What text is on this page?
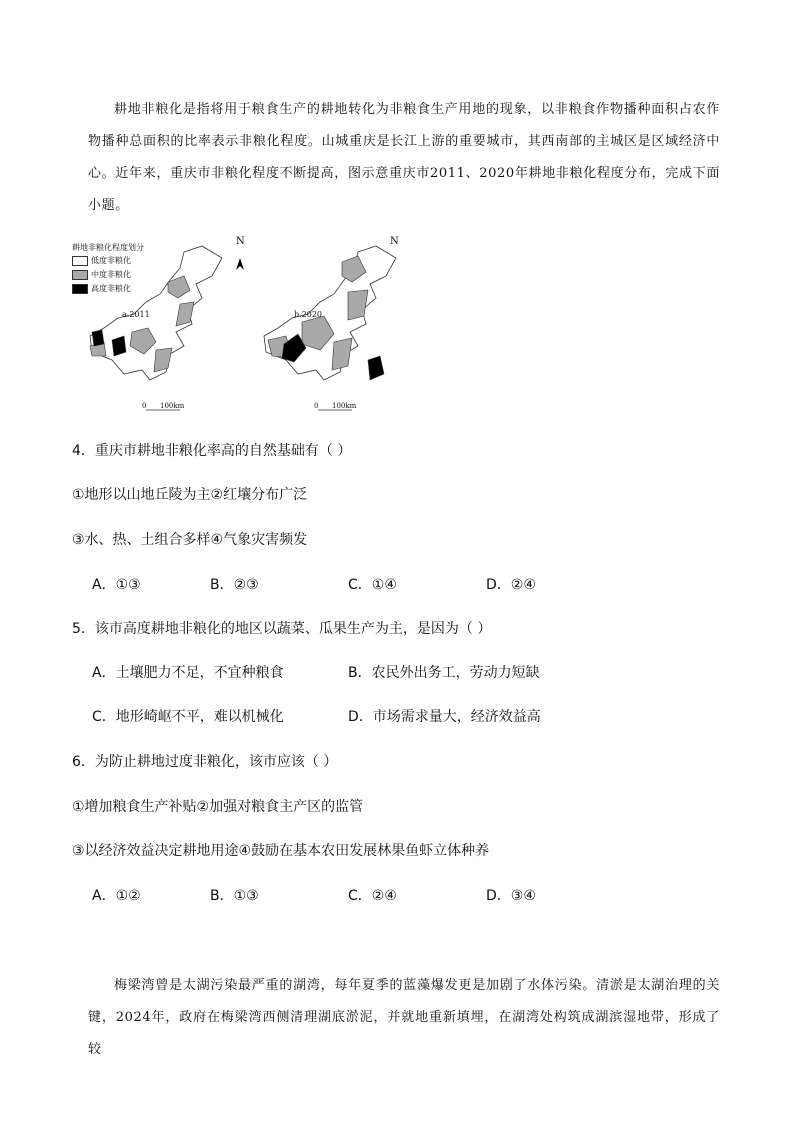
耕地非粮化是指将用于粮食生产的耕地转化为非粮食生产用地的现象，以非粮食作物播种面积占农作物播种总面积的比率表示非粮化程度。山城重庆是长江上游的重要城市，其西南部的主城区是区域经济中心。近年来，重庆市非粮化程度不断提高，图示意重庆市2011、2020年耕地非粮化程度分布，完成下面小题。

耕地非粮化程度划分
低度非粮化
中度非粮化
高度非粮化
a.2011	b.2020
N	N
0 100km	0 100km

4．重庆市耕地非粮化率高的自然基础有（ ）

①地形以山地丘陵为主②红壤分布广泛

③水、热、土组合多样④气象灾害频发

A．①③	B．②③	C．①④	D．②④

5．该市高度耕地非粮化的地区以蔬菜、瓜果生产为主，是因为（ ）

A．土壤肥力不足，不宜种粮食	B．农民外出务工，劳动力短缺

C．地形崎岖不平，难以机械化	D．市场需求量大，经济效益高

6．为防止耕地过度非粮化，该市应该（ ）

①增加粮食生产补贴②加强对粮食主产区的监管

③以经济效益决定耕地用途④鼓励在基本农田发展林果鱼虾立体种养

A．①②	B．①③	C．②④	D．③④

梅梁湾曾是太湖污染最严重的湖湾，每年夏季的蓝藻爆发更是加剧了水体污染。清淤是太湖治理的关键，2024年，政府在梅梁湾西侧清理湖底淤泥，并就地重新填埋，在湖湾处构筑成湖滨湿地带，形成了较
